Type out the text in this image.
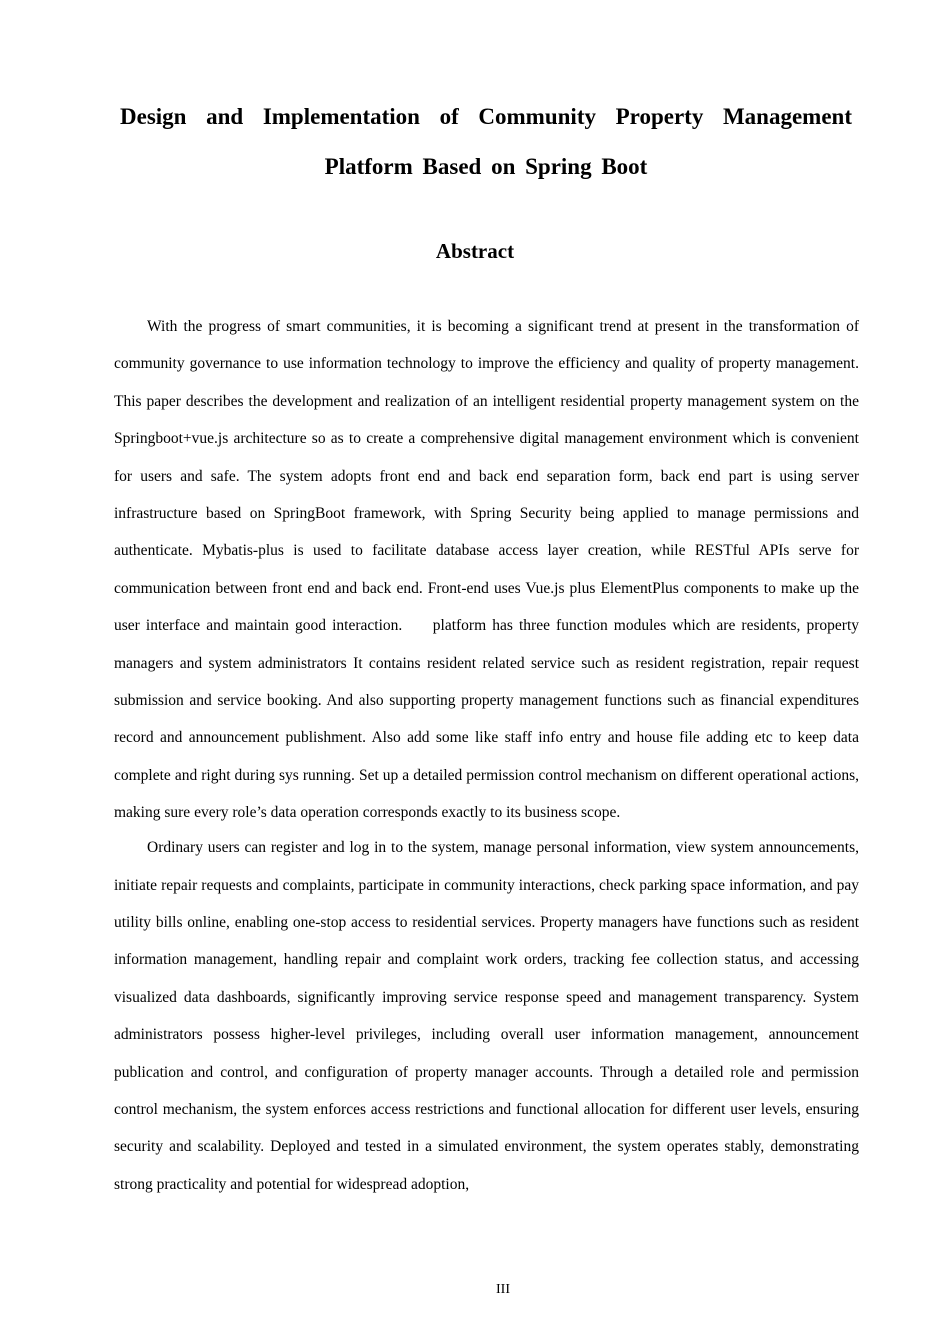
Design and Implementation of Community Property Management
Platform Based on Spring Boot
Abstract

With the progress of smart communities, it is becoming a significant trend at present in the transformation of community governance to use information technology to improve the efficiency and quality of property management. This paper describes the development and realization of an intelligent residential property management system on the Springboot+vue.js architecture so as to create a comprehensive digital management environment which is convenient for users and safe. The system adopts front end and back end separation form, back end part is using server infrastructure based on SpringBoot framework, with Spring Security being applied to manage permissions and authenticate. Mybatis-plus is used to facilitate database access layer creation, while RESTful APIs serve for communication between front end and back end. Front-end uses Vue.js plus ElementPlus components to make up the user interface and maintain good interaction.     platform has three function modules which are residents, property managers and system administrators It contains resident related service such as resident registration, repair request submission and service booking. And also supporting property management functions such as financial expenditures record and announcement publishment. Also add some like staff info entry and house file adding etc to keep data complete and right during sys running. Set up a detailed permission control mechanism on different operational actions, making sure every role’s data operation corresponds exactly to its business scope.

Ordinary users can register and log in to the system, manage personal information, view system announcements, initiate repair requests and complaints, participate in community interactions, check parking space information, and pay utility bills online, enabling one-stop access to residential services. Property managers have functions such as resident information management, handling repair and complaint work orders, tracking fee collection status, and accessing visualized data dashboards, significantly improving service response speed and management transparency. System administrators possess higher-level privileges, including overall user information management, announcement publication and control, and configuration of property manager accounts. Through a detailed role and permission control mechanism, the system enforces access restrictions and functional allocation for different user levels, ensuring security and scalability. Deployed and tested in a simulated environment, the system operates stably, demonstrating strong practicality and potential for widespread adoption,

III
